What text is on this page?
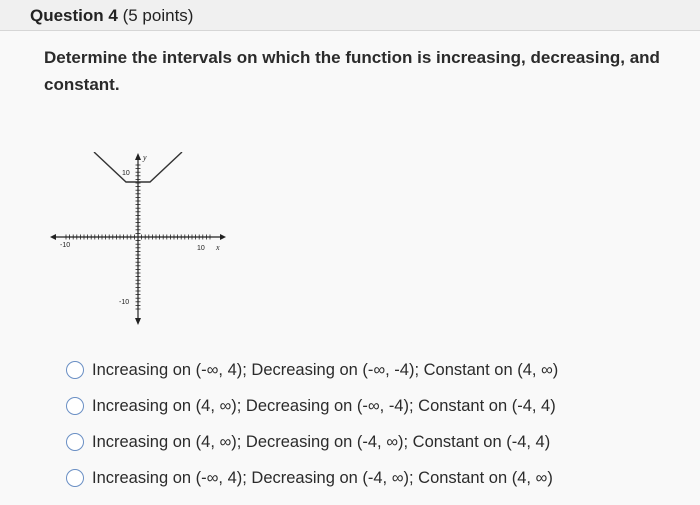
Question 4 (5 points)
Determine the intervals on which the function is increasing, decreasing, and constant.
y
x
-10	10
10
-10
Increasing on (-∞, 4); Decreasing on (-∞, -4); Constant on (4, ∞)
Increasing on (4, ∞); Decreasing on (-∞, -4); Constant on (-4, 4)
Increasing on (4, ∞); Decreasing on (-4, ∞); Constant on (-4, 4)
Increasing on (-∞, 4); Decreasing on (-4, ∞); Constant on (4, ∞)
